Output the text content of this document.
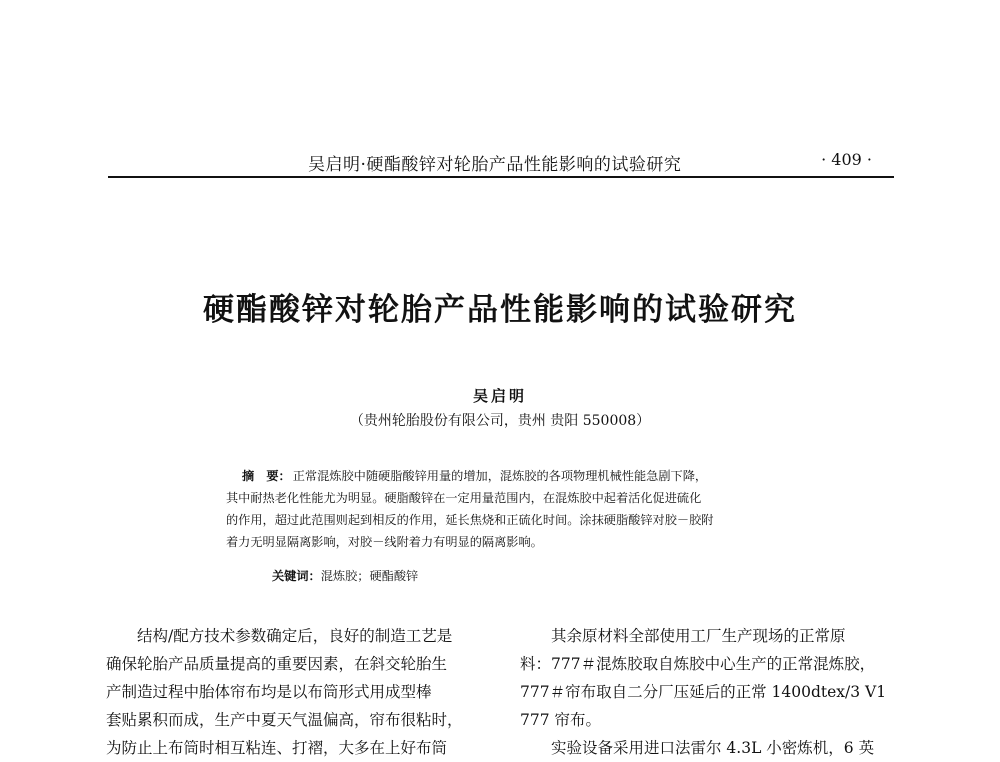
吴启明·硬酯酸锌对轮胎产品性能影响的试验研究	· 409 ·
硬酯酸锌对轮胎产品性能影响的试验研究
吴启明
（贵州轮胎股份有限公司，贵州 贵阳 550008）
摘　要： 正常混炼胶中随硬脂酸锌用量的增加，混炼胶的各项物理机械性能急剧下降，
其中耐热老化性能尤为明显。硬脂酸锌在一定用量范围内，在混炼胶中起着活化促进硫化
的作用，超过此范围则起到相反的作用，延长焦烧和正硫化时间。涂抹硬脂酸锌对胶－胶附
着力无明显隔离影响，对胶－线附着力有明显的隔离影响。
关键词：混炼胶；硬酯酸锌
　　结构/配方技术参数确定后，良好的制造工艺是
确保轮胎产品质量提高的重要因素，在斜交轮胎生
产制造过程中胎体帘布均是以布筒形式用成型棒
套贴累积而成，生产中夏天气温偏高，帘布很粘时，
为防止上布筒时相互粘连、打褶，大多在上好布筒
　　其余原材料全部使用工厂生产现场的正常原
料：777＃混炼胶取自炼胶中心生产的正常混炼胶，
777＃帘布取自二分厂压延后的正常 1400dtex/3 V1
777 帘布。
　　实验设备采用进口法雷尔 4.3L 小密炼机，6 英
